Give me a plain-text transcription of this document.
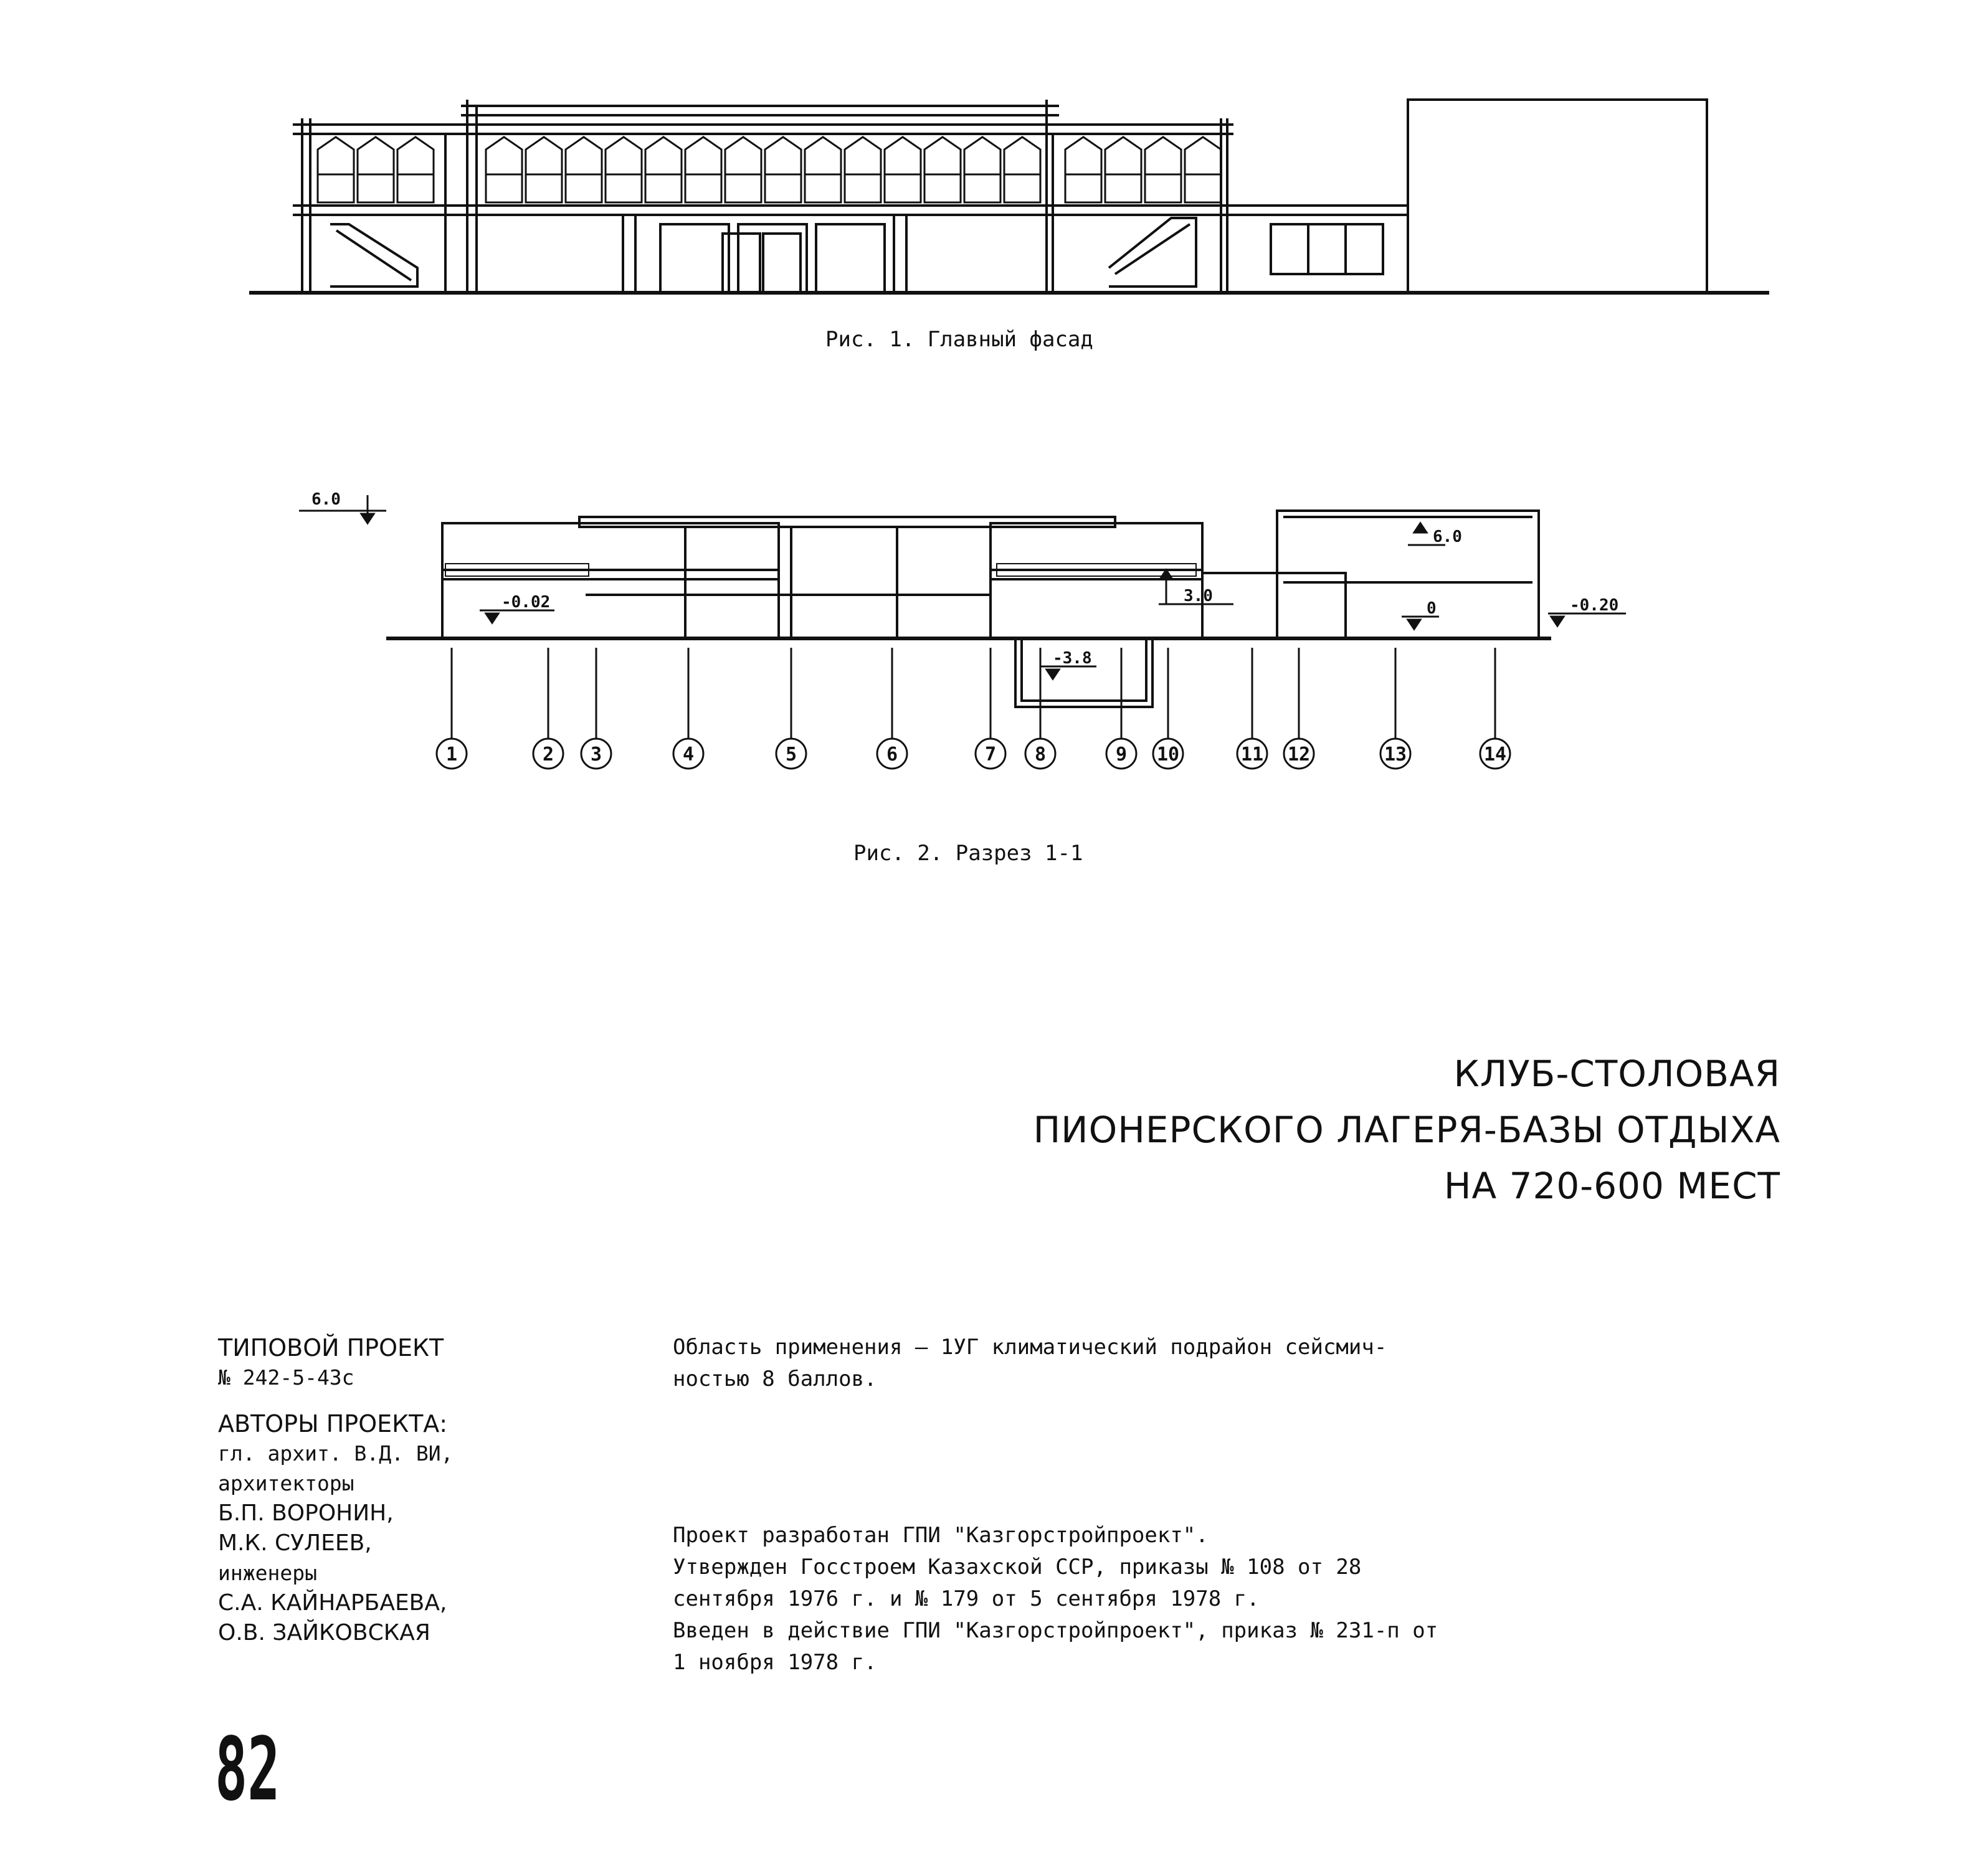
Рис. 1. Главный фасад
6.0
-0.02	3.0
6.0
0	-0.20
-3.8
1	2 3	4	5	6	7 8	9 10	11 12	13	14
Рис. 2. Разрез 1-1
КЛУБ-СТОЛОВАЯ
ПИОНЕРСКОГО ЛАГЕРЯ-БАЗЫ ОТДЫХА
НА 720-600 МЕСТ
ТИПОВОЙ ПРОЕКТ
№ 242-5-43с
АВТОРЫ ПРОЕКТА:
гл. архит. В.Д. ВИ,
архитекторы
Б.П. ВОРОНИН,
М.К. СУЛЕЕВ,
инженеры
С.А. КАЙНАРБАЕВА,
О.В. ЗАЙКОВСКАЯ
Область применения – 1УГ климатический подрайон сейсмич-
ностью 8 баллов.
Проект разработан ГПИ "Казгорстройпроект".
Утвержден Госстроем Казахской ССР, приказы № 108 от 28
сентября 1976 г. и № 179 от 5 сентября 1978 г.
Введен в действие ГПИ "Казгорстройпроект", приказ № 231-п от
1 ноября 1978 г.
82
